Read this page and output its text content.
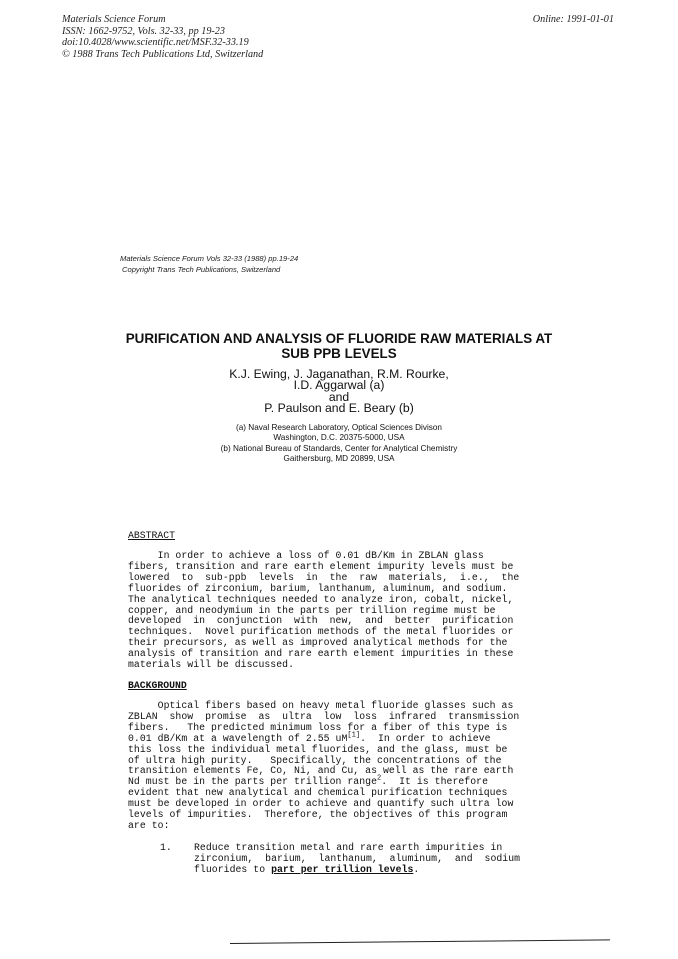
Materials Science Forum
ISSN: 1662-9752, Vols. 32-33, pp 19-23
doi:10.4028/www.scientific.net/MSF.32-33.19
© 1988 Trans Tech Publications Ltd, Switzerland
Online: 1991-01-01
Materials Science Forum Vols 32-33 (1988) pp.19-24
Copyright Trans Tech Publications, Switzerland
PURIFICATION AND ANALYSIS OF FLUORIDE RAW MATERIALS AT
SUB PPB LEVELS
K.J. Ewing, J. Jaganathan, R.M. Rourke,
I.D. Aggarwal (a)
and
P. Paulson and E. Beary (b)
(a) Naval Research Laboratory, Optical Sciences Divison
Washington, D.C. 20375-5000, USA
(b) National Bureau of Standards, Center for Analytical Chemistry
Gaithersburg, MD 20899, USA
ABSTRACT
In order to achieve a loss of 0.01 dB/Km in ZBLAN glass
fibers, transition and rare earth element impurity levels must be
lowered  to  sub-ppb  levels  in  the  raw  materials,  i.e.,  the
fluorides of zirconium, barium, lanthanum, aluminum, and sodium.
The analytical techniques needed to analyze iron, cobalt, nickel,
copper, and neodymium in the parts per trillion regime must be
developed  in  conjunction  with  new,  and  better  purification
techniques.  Novel purification methods of the metal fluorides or
their precursors, as well as improved analytical methods for the
analysis of transition and rare earth element impurities in these
materials will be discussed.
BACKGROUND
Optical fibers based on heavy metal fluoride glasses such as
ZBLAN  show  promise  as  ultra  low  loss  infrared  transmission
fibers.   The predicted minimum loss for a fiber of this type is
0.01 dB/Km at a wavelength of 2.55 uM[1].  In order to achieve
this loss the individual metal fluorides, and the glass, must be
of ultra high purity.   Specifically, the concentrations of the
transition elements Fe, Co, Ni, and Cu, as well as the rare earth
Nd must be in the parts per trillion range$^2$.  It is therefore
evident that new analytical and chemical purification techniques
must be developed in order to achieve and quantify such ultra low
levels of impurities.  Therefore, the objectives of this program
are to:
1. Reduce transition metal and rare earth impurities in
zirconium,  barium,  lanthanum,  aluminum,  and  sodium
fluorides to part per trillion levels.
